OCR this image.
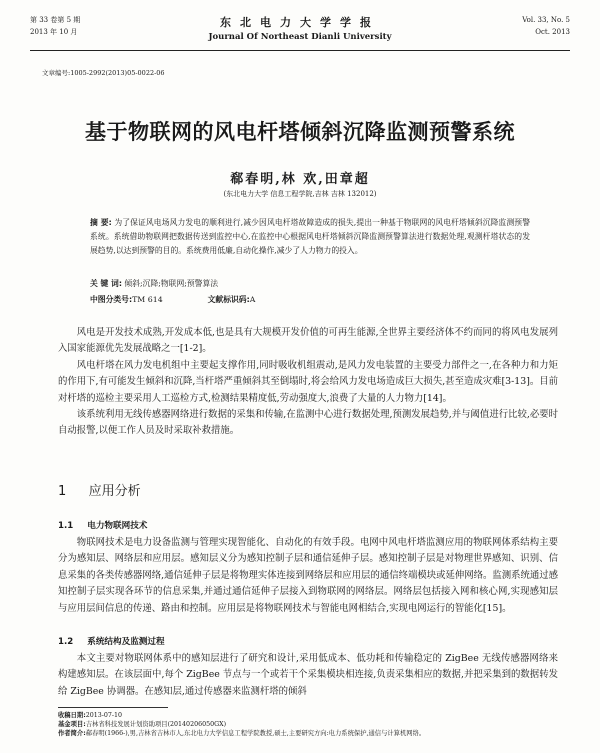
第 33 卷第 5 期
2013 年 10 月
东北电力大学学报
Journal Of Northeast Dianli University
Vol. 33, No. 5
Oct. 2013
文章编号:1005-2992(2013)05-0022-06
基于物联网的风电杆塔倾斜沉降监测预警系统
郗春明,林 欢,田章超
(东北电力大学 信息工程学院,吉林 吉林 132012)
摘 要: 为了保证风电场风力发电的顺利进行,减少因风电杆塔故障造成的损失,提出一种基于物联网的风电杆塔倾斜沉降监测预警系统。系统借助物联网把数据传送到监控中心,在监控中心根据风电杆塔倾斜沉降监测预警算法进行数据处理,观测杆塔状态的发展趋势,以达到预警的目的。系统费用低廉,自动化操作,减少了人力物力的投入。
关 键 词: 倾斜;沉降;物联网;预警算法
中图分类号:TM 614	文献标识码:A

风电是开发技术成熟,开发成本低,也是具有大规模开发价值的可再生能源,全世界主要经济体不约而同的将风电发展列入国家能源优先发展战略之一[1-2]。

风电杆塔在风力发电机组中主要起支撑作用,同时吸收机组震动,是风力发电装置的主要受力部件之一,在各种力和力矩的作用下,有可能发生倾斜和沉降,当杆塔严重倾斜其至倒塌时,将会给风力发电场造成巨大损失,甚至造成灾难[3-13]。目前对杆塔的巡检主要采用人工巡检方式,检测结果精度低,劳动强度大,浪费了大量的人力物力[14]。

该系统利用无线传感器网络进行数据的采集和传输,在监测中心进行数据处理,预测发展趋势,并与阈值进行比较,必要时自动报警,以便工作人员及时采取补救措施。

1 应用分析
1.1 电力物联网技术

物联网技术是电力设备监测与管理实现智能化、自动化的有效手段。电网中风电杆塔监测应用的物联网体系结构主要分为感知层、网络层和应用层。感知层义分为感知控制子层和通信延伸子层。感知控制子层是对物理世界感知、识别、信息采集的各类传感器网络,通信延伸子层是将物理实体连接到网络层和应用层的通信终端模块或延伸网络。监测系统通过感知控制子层实现各环节的信息采集,并通过通信延伸子层接入到物联网的网络层。网络层包括接入网和核心网,实现感知层与应用层间信息的传递、路由和控制。应用层是将物联网技术与智能电网相结合,实现电网运行的智能化[15]。

1.2 系统结构及监测过程

本文主要对物联网体系中的感知层进行了研究和设计,采用低成本、低功耗和传输稳定的 ZigBee 无线传感器网络来构建感知层。在该层面中,每个 ZigBee 节点与一个或若干个采集模块相连接,负责采集相应的数据,并把采集到的数据转发给 ZigBee 协调器。在感知层,通过传感器来监测杆塔的倾斜

收稿日期:2013-07-10
基金项目:吉林省科技发展计划资助项目(20140206050GX)
作者简介:郗春明(1966-),男,吉林省吉林市人,东北电力大学信息工程学院教授,硕士,主要研究方向:电力系统保护,通信与计算机网络。
